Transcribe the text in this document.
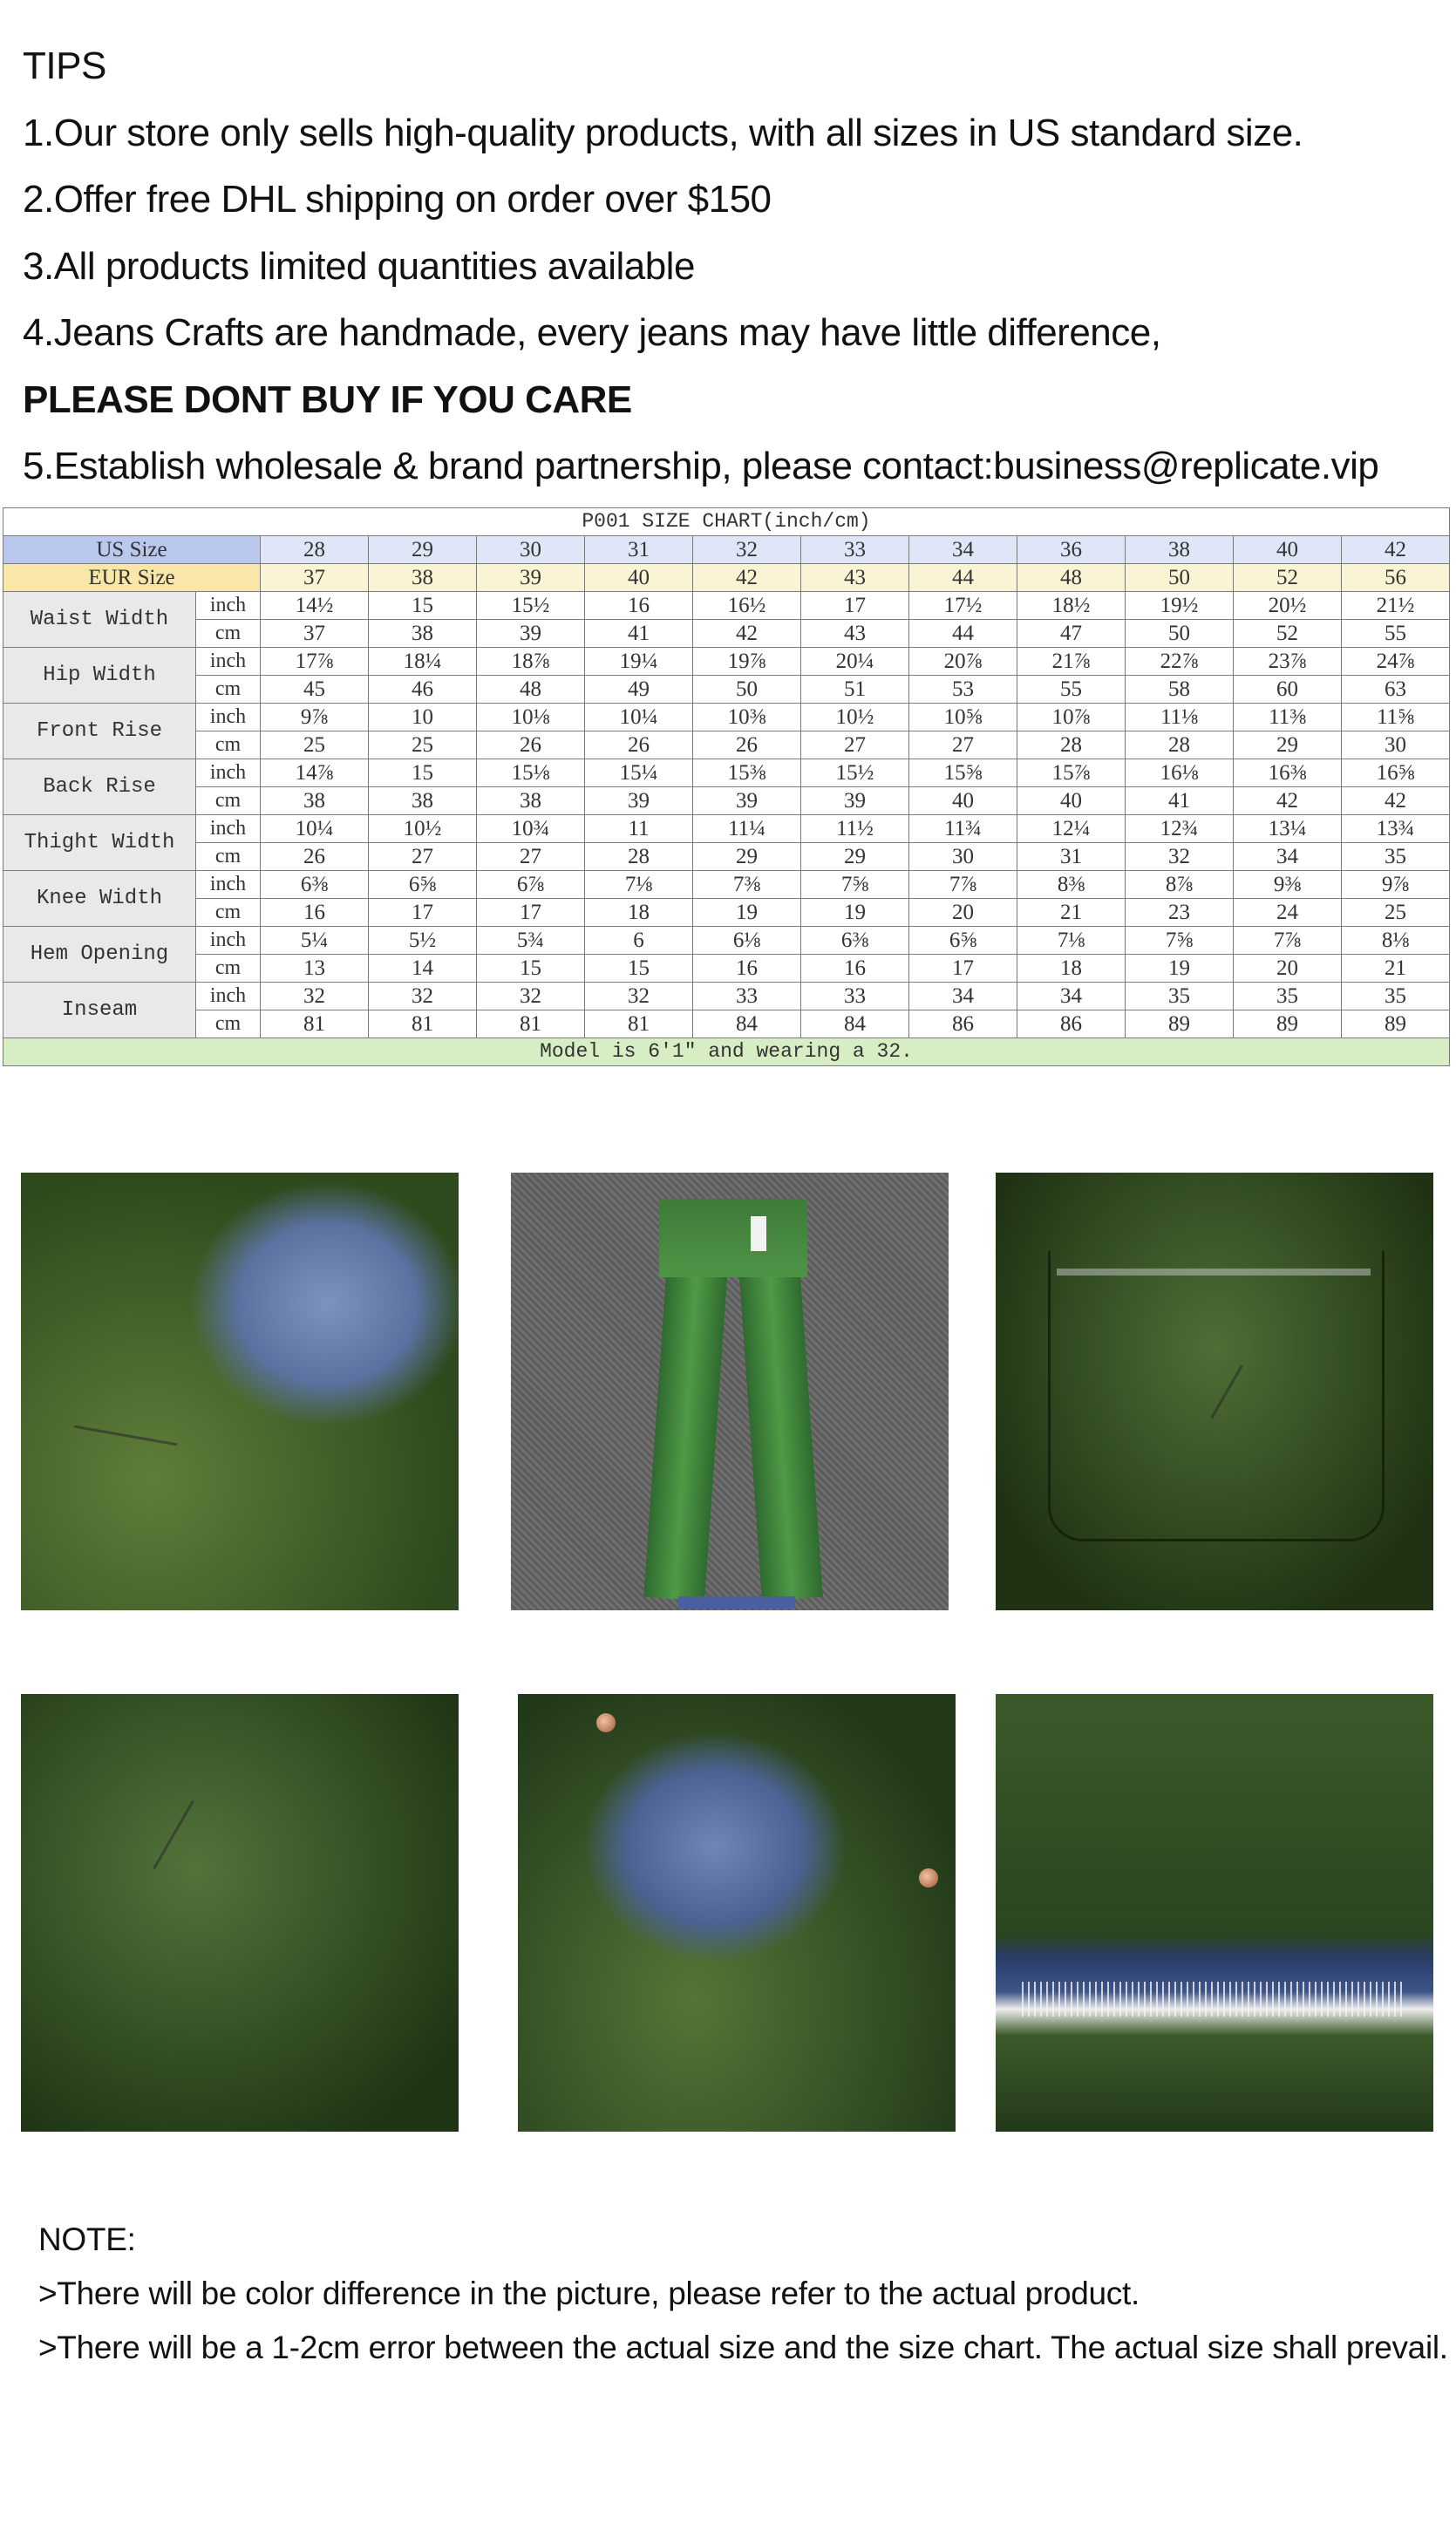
TIPS

1.Our store only sells high-quality products, with all sizes in US standard size.

2.Offer free DHL shipping on order over $150

3.All products limited quantities available

4.Jeans Crafts are handmade, every jeans may have little difference,

PLEASE DONT BUY IF YOU CARE

5.Establish wholesale & brand partnership, please contact:business@replicate.vip

P001 SIZE CHART(inch/cm)												
US Size		28	29	30	31	32	33	34	36	38	40	42
EUR Size		37	38	39	40	42	43	44	48	50	52	56
Waist Width	inch	14½	15	15½	16	16½	17	17½	18½	19½	20½	21½
	cm	37	38	39	41	42	43	44	47	50	52	55
Hip Width	inch	17⅞	18¼	18⅞	19¼	19⅞	20¼	20⅞	21⅞	22⅞	23⅞	24⅞
	cm	45	46	48	49	50	51	53	55	58	60	63
Front Rise	inch	9⅞	10	10⅛	10¼	10⅜	10½	10⅝	10⅞	11⅛	11⅜	11⅝
	cm	25	25	26	26	26	27	27	28	28	29	30
Back Rise	inch	14⅞	15	15⅛	15¼	15⅜	15½	15⅝	15⅞	16⅛	16⅜	16⅝
	cm	38	38	38	39	39	39	40	40	41	42	42
Thight Width	inch	10¼	10½	10¾	11	11¼	11½	11¾	12¼	12¾	13¼	13¾
	cm	26	27	27	28	29	29	30	31	32	34	35
Knee Width	inch	6⅜	6⅝	6⅞	7⅛	7⅜	7⅝	7⅞	8⅜	8⅞	9⅜	9⅞
	cm	16	17	17	18	19	19	20	21	23	24	25
Hem Opening	inch	5¼	5½	5¾	6	6⅛	6⅜	6⅝	7⅛	7⅝	7⅞	8⅛
	cm	13	14	15	15	16	16	17	18	19	20	21
Inseam	inch	32	32	32	32	33	33	34	34	35	35	35
	cm	81	81	81	81	84	84	86	86	89	89	89
Model is 6′1″ and wearing a 32.												

NOTE:

>There will be color difference in the picture, please refer to the actual product.

>There will be a 1-2cm error between the actual size and the size chart. The actual size shall prevail.
